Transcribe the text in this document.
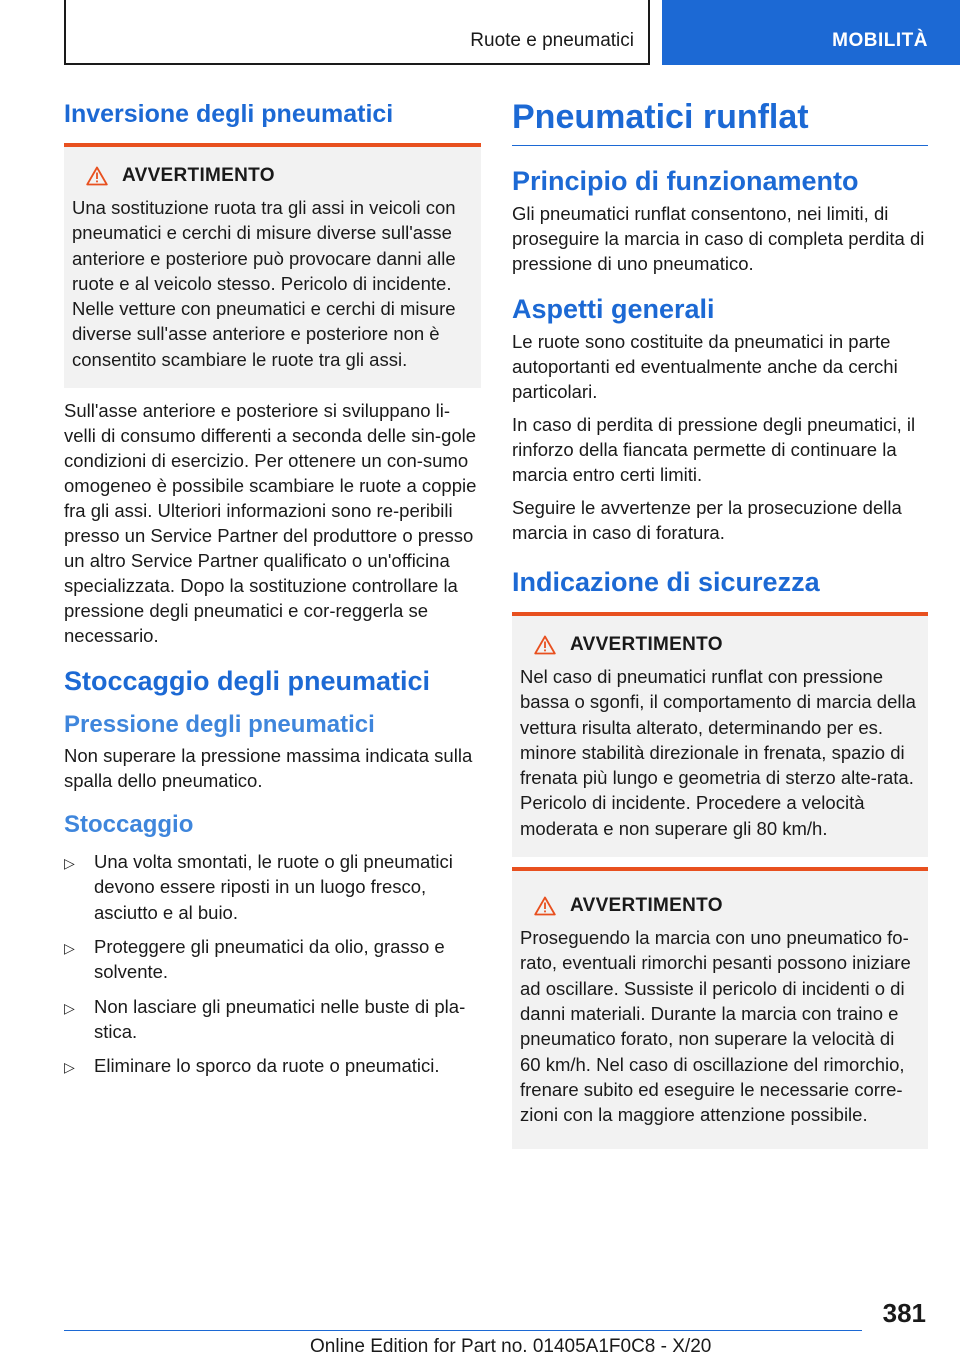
Ruote e pneumatici	MOBILITÀ
Inversione degli pneumatici
AVVERTIMENTO
Una sostituzione ruota tra gli assi in veicoli con pneumatici e cerchi di misure diverse sull'asse anteriore e posteriore può provocare danni alle ruote e al veicolo stesso. Pericolo di incidente. Nelle vetture con pneumatici e cerchi di misure diverse sull'asse anteriore e posteriore non è consentito scambiare le ruote tra gli assi.

Sull'asse anteriore e posteriore si sviluppano li-velli di consumo differenti a seconda delle sin-gole condizioni di esercizio. Per ottenere un con-sumo omogeneo è possibile scambiare le ruote a coppie fra gli assi. Ulteriori informazioni sono re-peribili presso un Service Partner del produttore o presso un altro Service Partner qualificato o un'officina specializzata. Dopo la sostituzione controllare la pressione degli pneumatici e cor-reggerla se necessario.

Stoccaggio degli pneumatici
Pressione degli pneumatici

Non superare la pressione massima indicata sulla spalla dello pneumatico.

Stoccaggio
▷	Una volta smontati, le ruote o gli pneumatici devono essere riposti in un luogo fresco, asciutto e al buio.
▷	Proteggere gli pneumatici da olio, grasso e solvente.
▷	Non lasciare gli pneumatici nelle buste di pla-stica.
▷	Eliminare lo sporco da ruote o pneumatici.
Pneumatici runflat
Principio di funzionamento

Gli pneumatici runflat consentono, nei limiti, di proseguire la marcia in caso di completa perdita di pressione di uno pneumatico.

Aspetti generali

Le ruote sono costituite da pneumatici in parte autoportanti ed eventualmente anche da cerchi particolari.

In caso di perdita di pressione degli pneumatici, il rinforzo della fiancata permette di continuare la marcia entro certi limiti.

Seguire le avvertenze per la prosecuzione della marcia in caso di foratura.

Indicazione di sicurezza
AVVERTIMENTO
Nel caso di pneumatici runflat con pressione bassa o sgonfi, il comportamento di marcia della vettura risulta alterato, determinando per es. minore stabilità direzionale in frenata, spazio di frenata più lungo e geometria di sterzo alte-rata. Pericolo di incidente. Procedere a velocità moderata e non superare gli 80 km/h.
AVVERTIMENTO
Proseguendo la marcia con uno pneumatico fo-rato, eventuali rimorchi pesanti possono iniziare ad oscillare. Sussiste il pericolo di incidenti o di danni materiali. Durante la marcia con traino e pneumatico forato, non superare la velocità di 60 km/h. Nel caso di oscillazione del rimorchio, frenare subito ed eseguire le necessarie corre-zioni con la maggiore attenzione possibile.
381
Online Edition for Part no. 01405A1F0C8 - X/20
